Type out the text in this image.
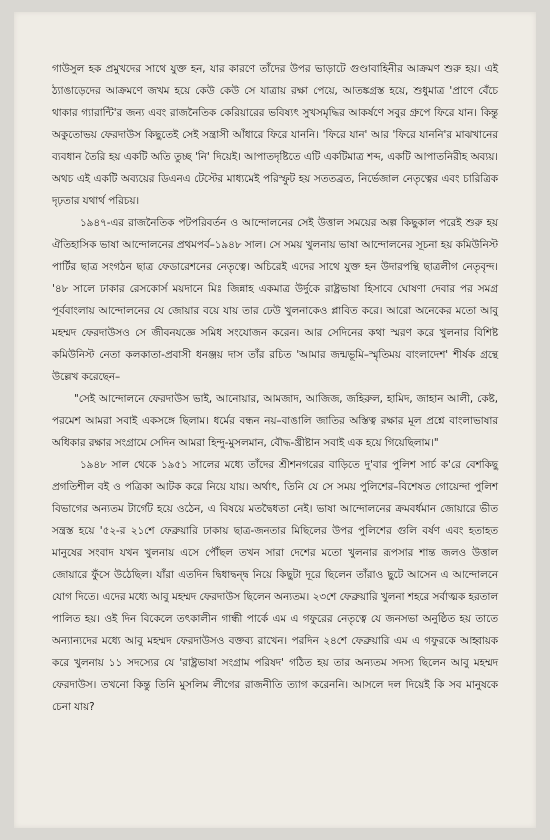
গাউসুল হক প্রমুখদের সাথে যুক্ত হন, যার কারণে তাঁদের উপর ভাড়াটে গুণ্ডাবাহিনীর আক্রমণ শুরু হয়। এই ঠ্যাঙাড়েদের আক্রমণে জখম হয়ে কেউ কেউ সে যাত্রায় রক্ষা পেয়ে, আতঙ্কগ্রস্ত হয়ে, শুধুমাত্র 'প্রাণে বেঁচে থাকার গ্যারান্টি'র জন্য এবং রাজনৈতিক কেরিয়ারের ভবিষ্যৎ সুখসমৃদ্ধির আকর্ষণে সবুর গ্রুপে ফিরে যান। কিন্তু অকুতোভয় ফেরদাউস কিছুতেই সেই সন্ত্রাসী আঁধারে ফিরে যাননি। 'ফিরে যান' আর 'ফিরে যাননি'র মাঝখানের ব্যবধান তৈরি হয় একটি অতি তুচ্ছ 'নি' দিয়েই। আপাতদৃষ্টিতে এটি একটিমাত্র শব্দ, একটি আপাতনিরীহ অব্যয়। অথচ এই একটি অব্যয়ের ডিএনএ টেস্টের মাধ্যমেই পরিস্ফুট হয় সততব্রত, নির্ভেজাল নেতৃত্বের এবং চারিত্রিক দৃঢ়তার যথার্থ পরিচয়।

১৯৪৭-এর রাজনৈতিক পটপরিবর্তন ও আন্দোলনের সেই উত্তাল সময়ের অল্প কিছুকাল পরেই শুরু হয় ঐতিহাসিক ভাষা আন্দোলনের প্রথমপর্ব–১৯৪৮ সাল। সে সময় খুলনায় ভাষা আন্দোলনের সূচনা হয় কমিউনিস্ট পার্টির ছাত্র সংগঠন ছাত্র ফেডারেশনের নেতৃত্বে। অচিরেই এদের সাথে যুক্ত হন উদারপন্থি ছাত্রলীগ নেতৃবৃন্দ। '৪৮ সালে ঢাকার রেসকোর্স ময়দানে মিঃ জিন্নাহ একমাত্র উর্দুকে রাষ্ট্রভাষা হিসাবে ঘোষণা দেবার পর সমগ্র পূর্ববাংলায় আন্দোলনের যে জোয়ার বয়ে যায় তার ঢেউ খুলনাকেও প্লাবিত করে। আরো অনেকের মতো আবু মহম্মদ ফেরদাউসও সে জীবনযজ্ঞে সমিধ সংযোজন করেন। আর সেদিনের কথা স্মরণ করে খুলনার বিশিষ্ট কমিউনিস্ট নেতা কলকাতা-প্রবাসী ধনঞ্জয় দাস তাঁর রচিত 'আমার জন্মভূমি–স্মৃতিময় বাংলাদেশ' শীর্ষক গ্রন্থে উল্লেখ করেছেন–

"সেই আন্দোলনে ফেরদাউস ভাই, আনোয়ার, আমজাদ, আজিজ, জহিরুল, হামিদ, জাহান আলী, কেষ্ট, পরমেশ আমরা সবাই একসঙ্গে ছিলাম। ধর্মের বন্ধন নয়–বাঙালি জাতির অস্তিত্ব রক্ষার মূল প্রশ্নে বাংলাভাষার অধিকার রক্ষার সংগ্রামে সেদিন আমরা হিন্দু-মুসলমান, বৌদ্ধ-খ্রীষ্টান সবাই এক হয়ে গিয়েছিলাম।"

১৯৪৮ সাল থেকে ১৯৫১ সালের মধ্যে তাঁদের শ্রীশনগরের বাড়িতে দু'বার পুলিশ সার্চ ক'রে বেশকিছু প্রগতিশীল বই ও পত্রিকা আটক করে নিয়ে যায়। অর্থাৎ, তিনি যে সে সময় পুলিশের–বিশেষত গোয়েন্দা পুলিশ বিভাগের অন্যতম টার্গেট হয়ে ওঠেন, এ বিষয়ে মতদ্বৈধতা নেই। ভাষা আন্দোলনের ক্রমবর্ধমান জোয়ারে ভীত সন্ত্রস্ত হয়ে '৫২-র ২১শে ফেব্রুয়ারি ঢাকায় ছাত্র-জনতার মিছিলের উপর পুলিশের গুলি বর্ষণ এবং হতাহত মানুষের সংবাদ যখন খুলনায় এসে পৌঁছল তখন সারা দেশের মতো খুলনার রূপসার শান্ত জলও উত্তাল জোয়ারে ফুঁসে উঠেছিল। যাঁরা এতদিন দ্বিধাদ্বন্দ্ব নিয়ে কিছুটা দূরে ছিলেন তাঁরাও ছুটে আসেন এ আন্দোলনে যোগ দিতে। এদের মধ্যে আবু মহম্মদ ফেরদাউস ছিলেন অন্যতম। ২৩শে ফেব্রুয়ারি খুলনা শহরে সর্বাত্মক হরতাল পালিত হয়। ওই দিন বিকেলে তৎকালীন গান্ধী পার্কে এম এ গফুরের নেতৃত্বে যে জনসভা অনুষ্ঠিত হয় তাতে অন্যান্যদের মধ্যে আবু মহম্মদ ফেরদাউসও বক্তব্য রাখেন। পরদিন ২৪শে ফেব্রুয়ারি এম এ গফুরকে আহ্বায়ক করে খুলনায় ১১ সদস্যের যে 'রাষ্ট্রভাষা সংগ্রাম পরিষদ' গঠিত হয় তার অন্যতম সদস্য ছিলেন আবু মহম্মদ ফেরদাউস। তখনো কিন্তু তিনি মুসলিম লীগের রাজনীতি ত্যাগ করেননি। আসলে দল দিয়েই কি সব মানুষকে চেনা যায়?
